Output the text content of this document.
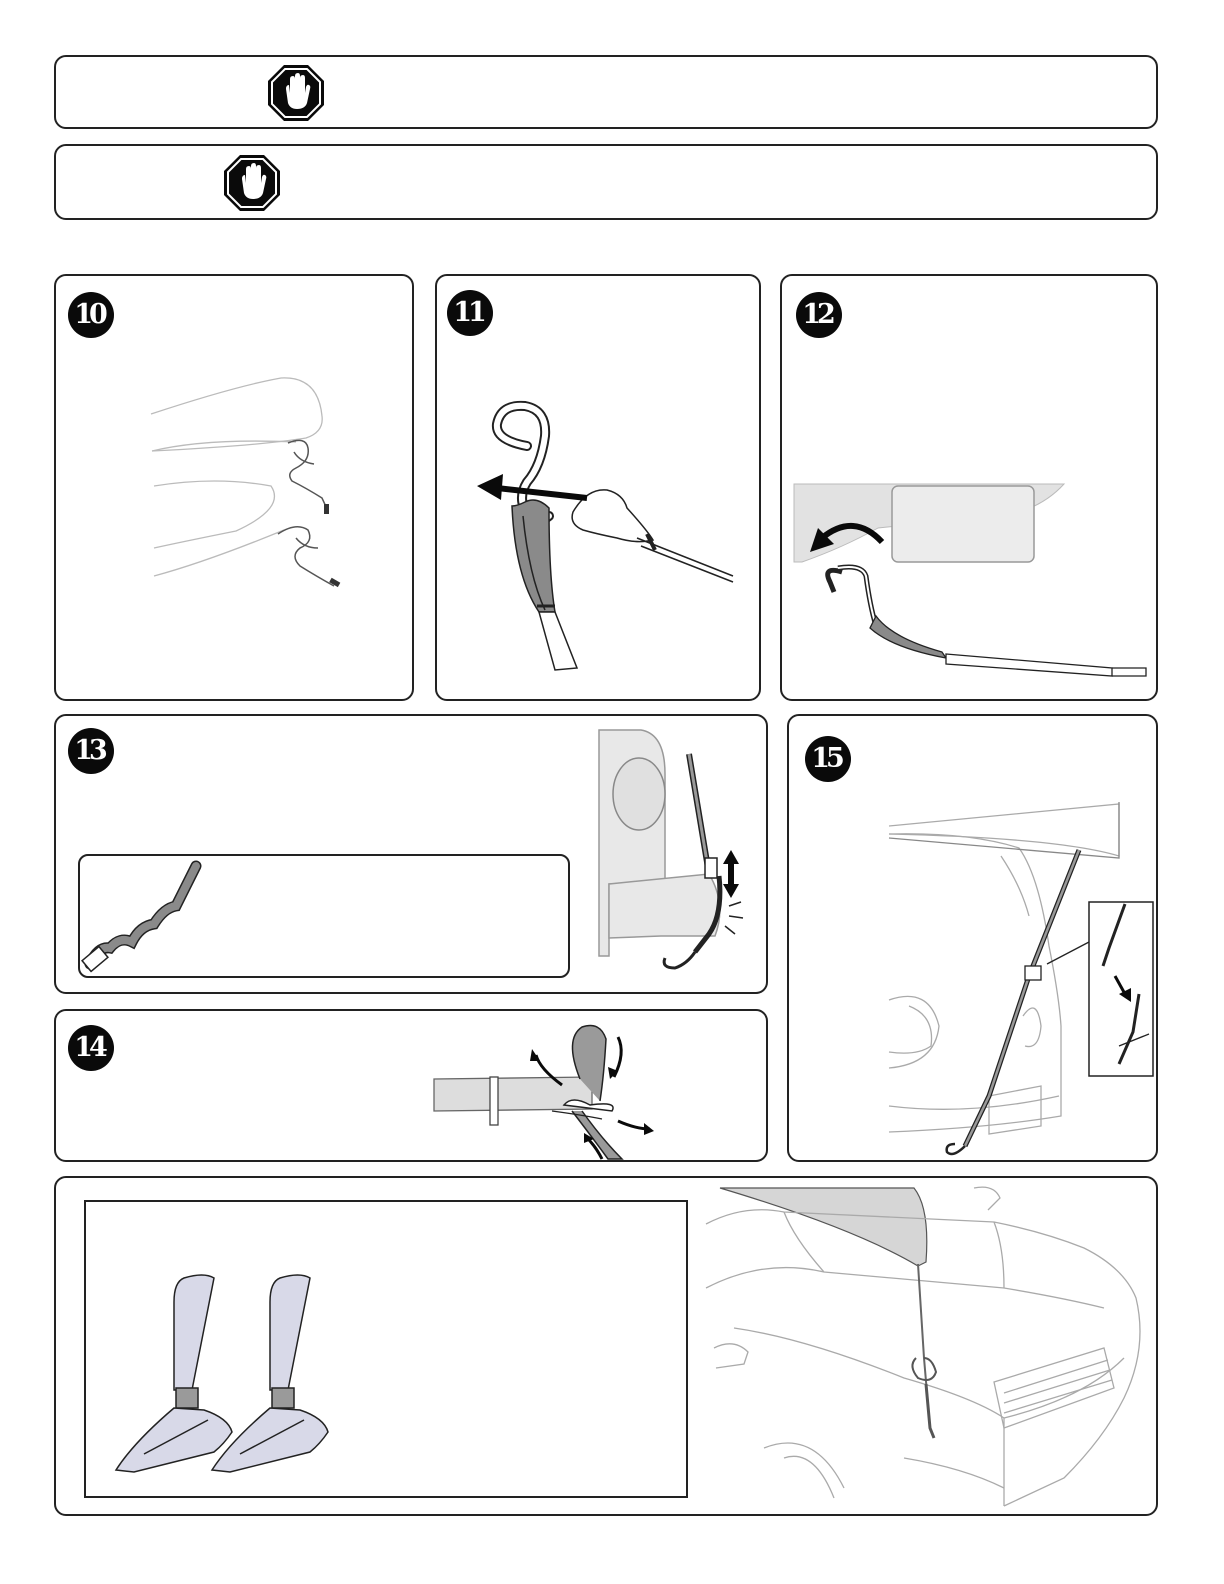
10	11	12
13
14
15
